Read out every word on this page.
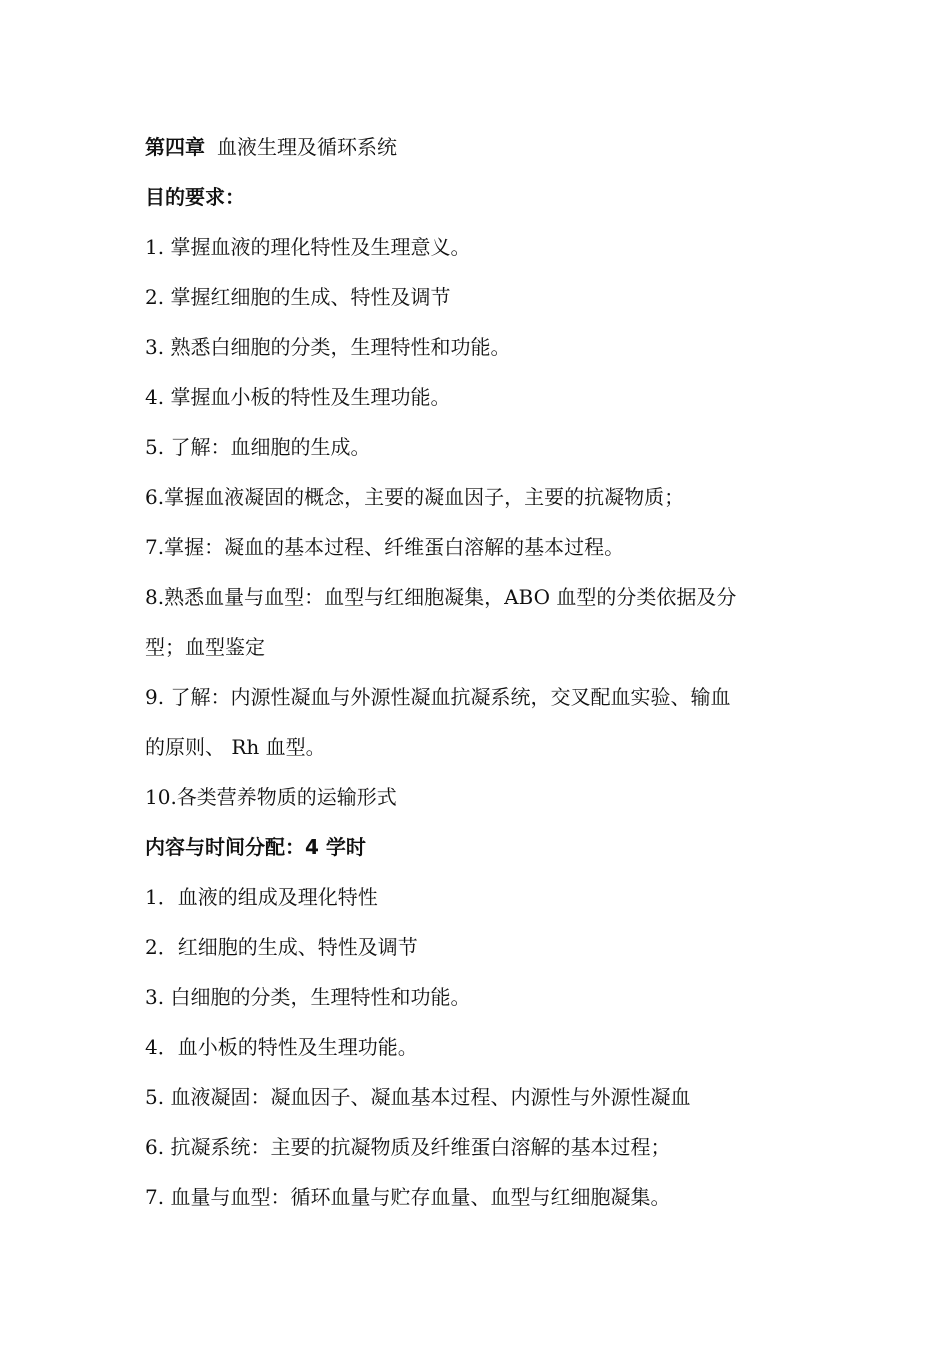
第四章 血液生理及循环系统
目的要求：
1. 掌握血液的理化特性及生理意义。
2. 掌握红细胞的生成、特性及调节
3. 熟悉白细胞的分类，生理特性和功能。
4. 掌握血小板的特性及生理功能。
5. 了解：血细胞的生成。
6.掌握血液凝固的概念，主要的凝血因子，主要的抗凝物质；
7.掌握：凝血的基本过程、纤维蛋白溶解的基本过程。
8.熟悉血量与血型：血型与红细胞凝集，ABO 血型的分类依据及分
型；血型鉴定
9. 了解：内源性凝血与外源性凝血抗凝系统，交叉配血实验、输血
的原则、 Rh 血型。
10.各类营养物质的运输形式
内容与时间分配：4 学时
1．血液的组成及理化特性
2．红细胞的生成、特性及调节
3. 白细胞的分类，生理特性和功能。
4．血小板的特性及生理功能。
5. 血液凝固：凝血因子、凝血基本过程、内源性与外源性凝血
6. 抗凝系统：主要的抗凝物质及纤维蛋白溶解的基本过程；
7. 血量与血型：循环血量与贮存血量、血型与红细胞凝集。
